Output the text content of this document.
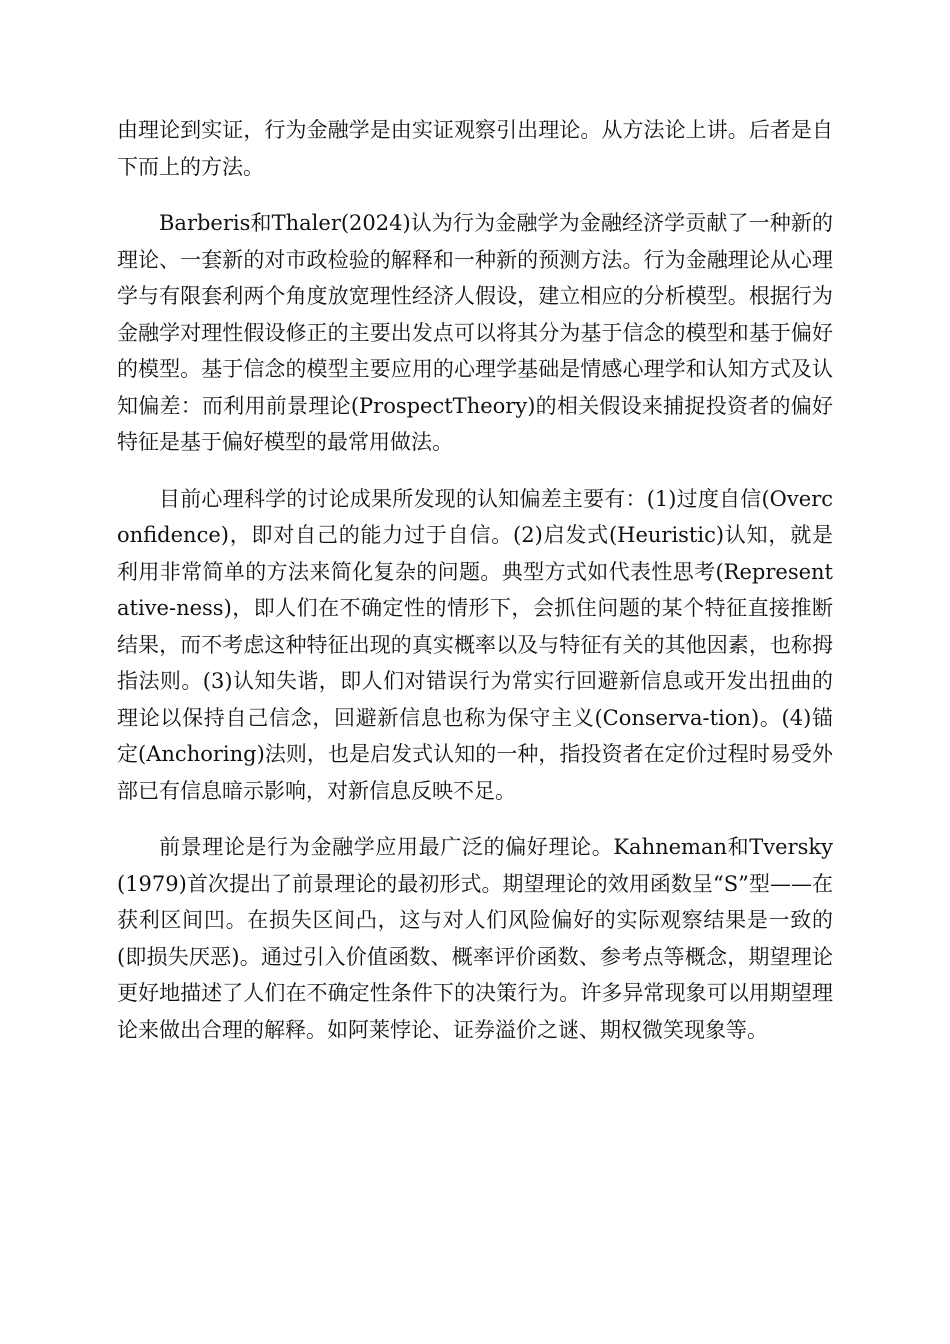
由理论到实证，行为金融学是由实证观察引出理论。从方法论上讲。后者是自下而上的方法。

Barberis和Thaler(2024)认为行为金融学为金融经济学贡献了一种新的理论、一套新的对市政检验的解释和一种新的预测方法。行为金融理论从心理学与有限套利两个角度放宽理性经济人假设，建立相应的分析模型。根据行为金融学对理性假设修正的主要出发点可以将其分为基于信念的模型和基于偏好的模型。基于信念的模型主要应用的心理学基础是情感心理学和认知方式及认知偏差：而利用前景理论(ProspectTheory)的相关假设来捕捉投资者的偏好特征是基于偏好模型的最常用做法。

目前心理科学的讨论成果所发现的认知偏差主要有：(1)过度自信(Overconfidence)，即对自己的能力过于自信。(2)启发式(Heuristic)认知，就是利用非常简单的方法来简化复杂的问题。典型方式如代表性思考(Representative-ness)，即人们在不确定性的情形下，会抓住问题的某个特征直接推断结果，而不考虑这种特征出现的真实概率以及与特征有关的其他因素，也称拇指法则。(3)认知失谐，即人们对错误行为常实行回避新信息或开发出扭曲的理论以保持自己信念，回避新信息也称为保守主义(Conserva-tion)。(4)锚定(Anchoring)法则，也是启发式认知的一种，指投资者在定价过程时易受外部已有信息暗示影响，对新信息反映不足。

前景理论是行为金融学应用最广泛的偏好理论。Kahneman和Tversky(1979)首次提出了前景理论的最初形式。期望理论的效用函数呈“S”型——在获利区间凹。在损失区间凸，这与对人们风险偏好的实际观察结果是一致的(即损失厌恶)。通过引入价值函数、概率评价函数、参考点等概念，期望理论更好地描述了人们在不确定性条件下的决策行为。许多异常现象可以用期望理论来做出合理的解释。如阿莱悖论、证券溢价之谜、期权微笑现象等。
